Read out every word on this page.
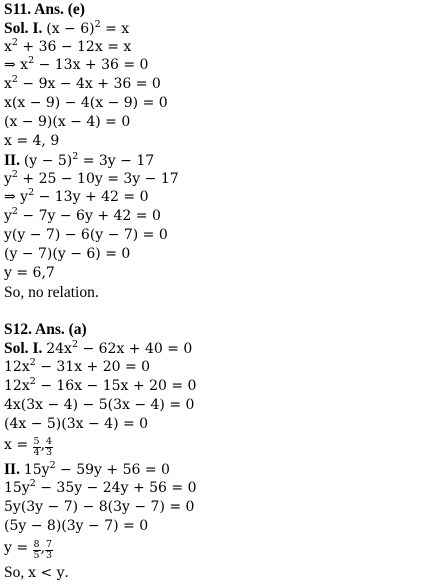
S11. Ans. (e)
Sol. I. $(x - 6)^2 = x$
$x^2 + 36 - 12x = x$
⇒ $x^2 - 13x + 36 = 0$
$x^2 - 9x - 4x + 36 = 0$
x(x − 9) − 4(x − 9) = 0
(x − 9)(x − 4) = 0
x = 4, 9
II. $(y - 5)^2 = 3y - 17$
$y^2 + 25 - 10y = 3y - 17$
⇒ $y^2 - 13y + 42 = 0$
$y^2 - 7y - 6y + 42 = 0$
y(y − 7) − 6(y − 7) = 0
(y − 7)(y − 6) = 0
y = 6,7
So, no relation.
S12. Ans. (a)
Sol. I. $24x^2 - 62x + 40 = 0$
$12x^2 - 31x + 20 = 0$
$12x^2 - 16x - 15x + 20 = 0$
4x(3x − 4) − 5(3x − 4) = 0
(4x − 5)(3x − 4) = 0
$x = \frac{5}{4}$ , $\frac{4}{3}$
II. $15y^2 - 59y + 56 = 0$
$15y^2 - 35y - 24y + 56 = 0$
5y(3y − 7) − 8(3y − 7) = 0
(5y − 8)(3y − 7) = 0
$y = \frac{8}{5}$ , $\frac{7}{3}$
So, x < y.
